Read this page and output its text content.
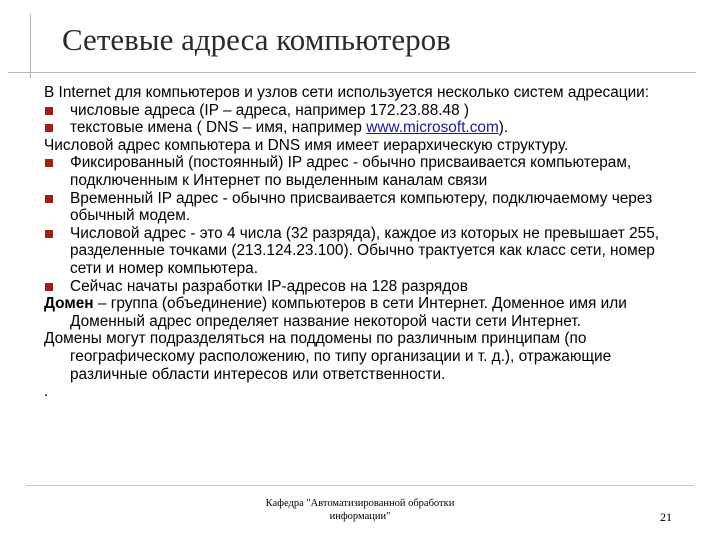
Сетевые адреса компьютеров

В Internet для компьютеров и узлов сети используется несколько систем адресации:

числовые адреса (IP – адреса, например 172.23.88.48 )

текстовые имена ( DNS – имя, например www.microsoft.com).

Числовой адрес компьютера и DNS имя имеет иерархическую структуру.

Фиксированный (постоянный) IP адрес - обычно присваивается компьютерам, подключенным к Интернет по выделенным каналам связи

Временный IP адрес - обычно присваивается компьютеру, подключаемому через обычный модем.

Числовой адрес - это 4 числа (32 разряда), каждое из которых не превышает 255, разделенные точками (213.124.23.100). Обычно трактуется как класс сети, номер сети и номер компьютера.

Сейчас начаты разработки IP-адресов на 128 разрядов

Домен – группа (объединение) компьютеров в сети Интернет. Доменное имя или Доменный адрес определяет название некоторой части сети Интернет.

Домены могут подразделяться на поддомены по различным принципам (по географическому расположению, по типу организации и т. д.), отражающие различные области интересов или ответственности.

.

Кафедра "Автоматизированной обработки
информации"	21
